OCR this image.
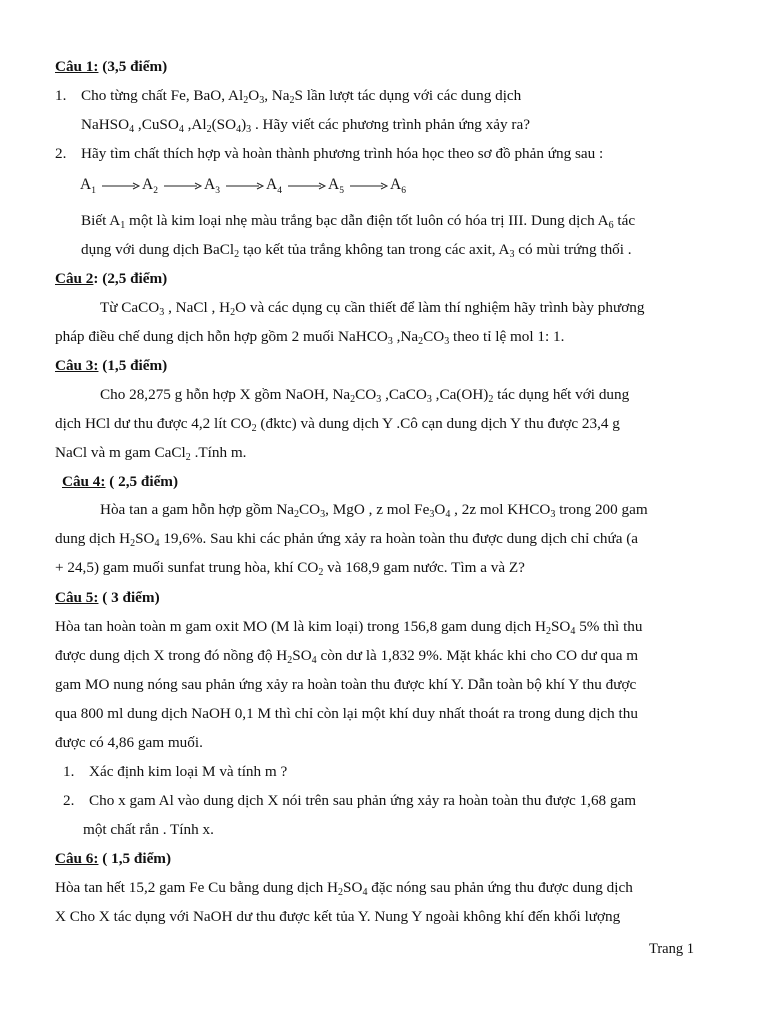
Câu 1: (3,5 điểm)
1. Cho từng chất Fe, BaO, $Al_2O_3$, $Na_2S$ lần lượt tác dụng với các dung dịch
NaHSO$_4$ ,CuSO$_4$ $,Al_2(SO_4)_3$ . Hãy viết các phương trình phản ứng xảy ra?
2. Hãy tìm chất thích hợp và hoàn thành phương trình hóa học theo sơ đồ phản ứng sau :
$A_1$	$A_2$	$A_3$	$A_4$	$A_5$	$A_6$
Biết $A_1$ một là kim loại nhẹ màu trắng bạc dẫn điện tốt luôn có hóa trị III. Dung dịch $A_6$ tác
dụng với dung dịch BaCl$_2$ tạo kết tủa trắng không tan trong các axit, $A_3$ có mùi trứng thối .
Câu 2: (2,5 điểm)
Từ CaCO$_3$ , NaCl , $H_2O$ và các dụng cụ cần thiết để làm thí nghiệm hãy trình bày phương
pháp điều chế dung dịch hỗn hợp gồm 2 muối NaHCO$_3$ $,Na_2CO_3$ theo tỉ lệ mol 1: 1.
Câu 3: (1,5 điểm)
Cho 28,275 g hỗn hợp X gồm NaOH, $Na_2CO_3$ ,CaCO$_3$ $,Ca(OH)_2$ tác dụng hết với dung
dịch HCl dư thu được 4,2 lít $CO_2$ (đktc) và dung dịch Y .Cô cạn dung dịch Y thu được 23,4 g
NaCl và m gam CaCl$_2$ .Tính m.
Câu 4: ( 2,5 điểm)
Hòa tan a gam hỗn hợp gồm $Na_2CO_3$, MgO , z mol $Fe_3O_4$ , 2z mol $KHCO_3$ trong 200 gam
dung dịch $H_2SO_4$ 19,6%. Sau khi các phản ứng xảy ra hoàn toàn thu được dung dịch chỉ chứa (a
+ 24,5) gam muối sunfat trung hòa, khí $CO_2$ và 168,9 gam nước. Tìm a và Z?
Câu 5: ( 3 điểm)
Hòa tan hoàn toàn m gam oxit MO (M là kim loại) trong 156,8 gam dung dịch $H_2SO_4$ 5% thì thu
được dung dịch X trong đó nồng độ $H_2SO_4$ còn dư là 1,832 9%. Mặt khác khi cho CO dư qua m
gam MO nung nóng sau phản ứng xảy ra hoàn toàn thu được khí Y. Dẫn toàn bộ khí Y thu được
qua 800 ml dung dịch NaOH 0,1 M thì chỉ còn lại một khí duy nhất thoát ra trong dung dịch thu
được có 4,86 gam muối.
1. Xác định kim loại M và tính m ?
2. Cho x gam Al vào dung dịch X nói trên sau phản ứng xảy ra hoàn toàn thu được 1,68 gam
một chất rắn . Tính x.
Câu 6: ( 1,5 điểm)
Hòa tan hết 15,2 gam Fe Cu bằng dung dịch $H_2SO_4$ đặc nóng sau phản ứng thu được dung dịch
X Cho X tác dụng với NaOH dư thu được kết tủa Y. Nung Y ngoài không khí đến khối lượng
Trang 1
